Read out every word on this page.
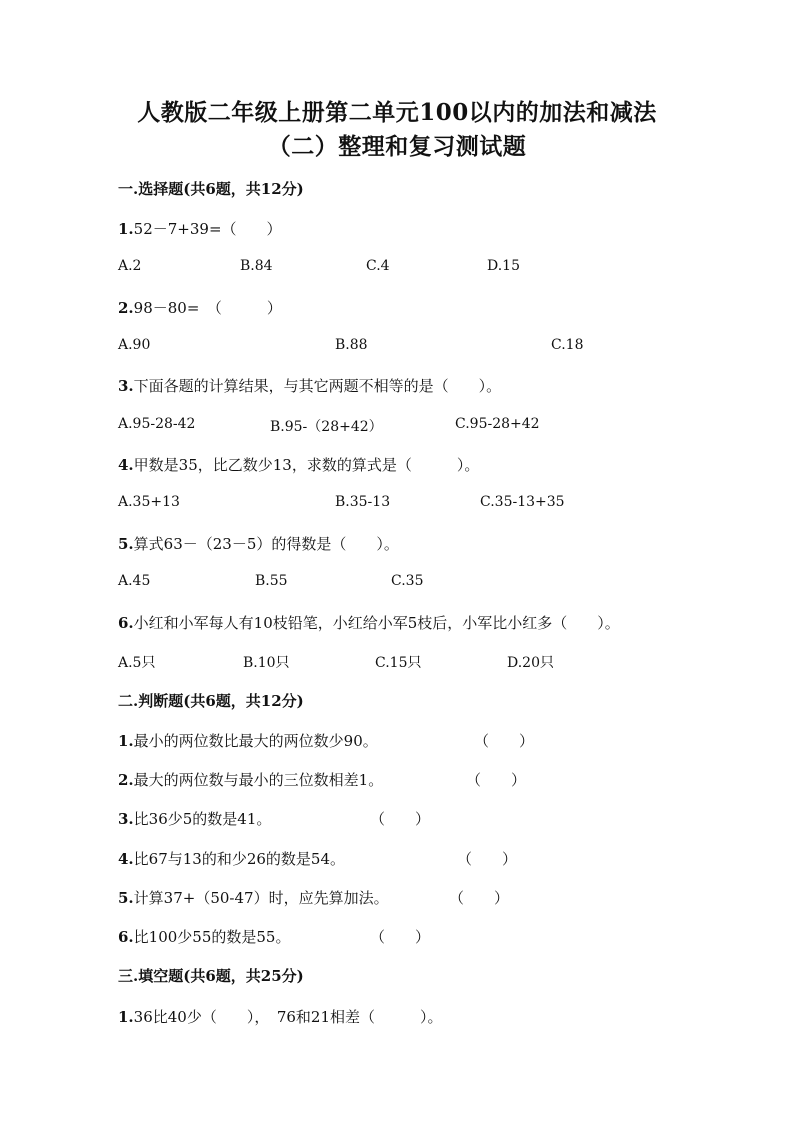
人教版二年级上册第二单元100以内的加法和减法
（二）整理和复习测试题
一.选择题(共6题，共12分)
1.52－7+39=（　　）
A.2	B.84	C.4	D.15
2.98－80=　（　　　）
A.90	B.88	C.18
3.下面各题的计算结果，与其它两题不相等的是（　　）。
A.95-28-42	B.95-（28+42）	C.95-28+42
4.甲数是35，比乙数少13，求数的算式是（　　　）。
A.35+13	B.35-13	C.35-13+35
5.算式63－（23－5）的得数是（　　）。
A.45	B.55	C.35
6.小红和小军每人有10枝铅笔，小红给小军5枝后，小军比小红多（　　）。
A.5只	B.10只	C.15只	D.20只
二.判断题(共6题，共12分)
1.最小的两位数比最大的两位数少90。	（　　）
2.最大的两位数与最小的三位数相差1。	（　　）
3.比36少5的数是41。	（　　）
4.比67与13的和少26的数是54。	（　　）
5.计算37+（50-47）时，应先算加法。	（　　）
6.比100少55的数是55。	（　　）
三.填空题(共6题，共25分)
1.36比40少（　　），　76和21相差（　　　）。
